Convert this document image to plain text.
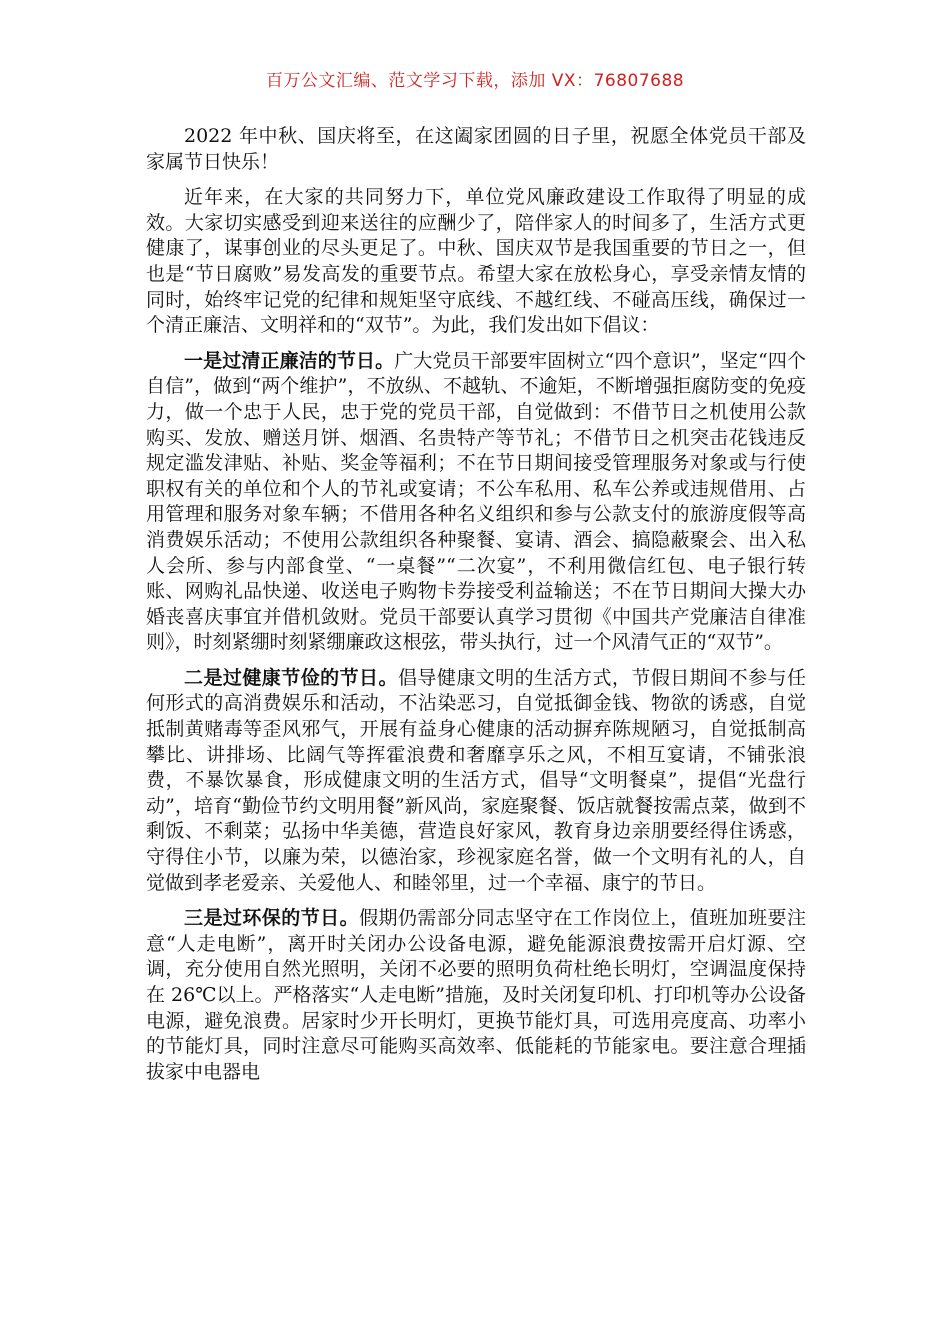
百万公文汇编、范文学习下载，添加 VX：76807688

2022 年中秋、国庆将至，在这阖家团圆的日子里，祝愿全体党员干部及家属节日快乐！

近年来，在大家的共同努力下，单位党风廉政建设工作取得了明显的成效。大家切实感受到迎来送往的应酬少了，陪伴家人的时间多了，生活方式更健康了，谋事创业的尽头更足了。中秋、国庆双节是我国重要的节日之一，但也是“节日腐败”易发高发的重要节点。希望大家在放松身心，享受亲情友情的同时，始终牢记党的纪律和规矩坚守底线、不越红线、不碰高压线，确保过一个清正廉洁、文明祥和的“双节”。为此，我们发出如下倡议：

一是过清正廉洁的节日。广大党员干部要牢固树立“四个意识”，坚定“四个自信”，做到“两个维护”，不放纵、不越轨、不逾矩，不断增强拒腐防变的免疫力，做一个忠于人民，忠于党的党员干部，自觉做到：不借节日之机使用公款购买、发放、赠送月饼、烟酒、名贵特产等节礼；不借节日之机突击花钱违反规定滥发津贴、补贴、奖金等福利；不在节日期间接受管理服务对象或与行使职权有关的单位和个人的节礼或宴请；不公车私用、私车公养或违规借用、占用管理和服务对象车辆；不借用各种名义组织和参与公款支付的旅游度假等高消费娱乐活动；不使用公款组织各种聚餐、宴请、酒会、搞隐蔽聚会、出入私人会所、参与内部食堂、“一桌餐”“二次宴”，不利用微信红包、电子银行转账、网购礼品快递、收送电子购物卡券接受利益输送；不在节日期间大操大办婚丧喜庆事宜并借机敛财。党员干部要认真学习贯彻《中国共产党廉洁自律准则》，时刻紧绷时刻紧绷廉政这根弦，带头执行，过一个风清气正的“双节”。

二是过健康节俭的节日。倡导健康文明的生活方式，节假日期间不参与任何形式的高消费娱乐和活动，不沾染恶习，自觉抵御金钱、物欲的诱惑，自觉抵制黄赌毒等歪风邪气，开展有益身心健康的活动摒弃陈规陋习，自觉抵制高攀比、讲排场、比阔气等挥霍浪费和奢靡享乐之风，不相互宴请，不铺张浪费，不暴饮暴食，形成健康文明的生活方式，倡导“文明餐桌”，提倡“光盘行动”，培育“勤俭节约文明用餐”新风尚，家庭聚餐、饭店就餐按需点菜，做到不剩饭、不剩菜；弘扬中华美德，营造良好家风，教育身边亲朋要经得住诱惑，守得住小节，以廉为荣，以德治家，珍视家庭名誉，做一个文明有礼的人，自觉做到孝老爱亲、关爱他人、和睦邻里，过一个幸福、康宁的节日。

三是过环保的节日。假期仍需部分同志坚守在工作岗位上，值班加班要注意“人走电断”，离开时关闭办公设备电源，避免能源浪费按需开启灯源、空调，充分使用自然光照明，关闭不必要的照明负荷杜绝长明灯，空调温度保持在 26℃以上。严格落实“人走电断”措施，及时关闭复印机、打印机等办公设备电源，避免浪费。居家时少开长明灯，更换节能灯具，可选用亮度高、功率小的节能灯具，同时注意尽可能购买高效率、低能耗的节能家电。要注意合理插拔家中电器电
